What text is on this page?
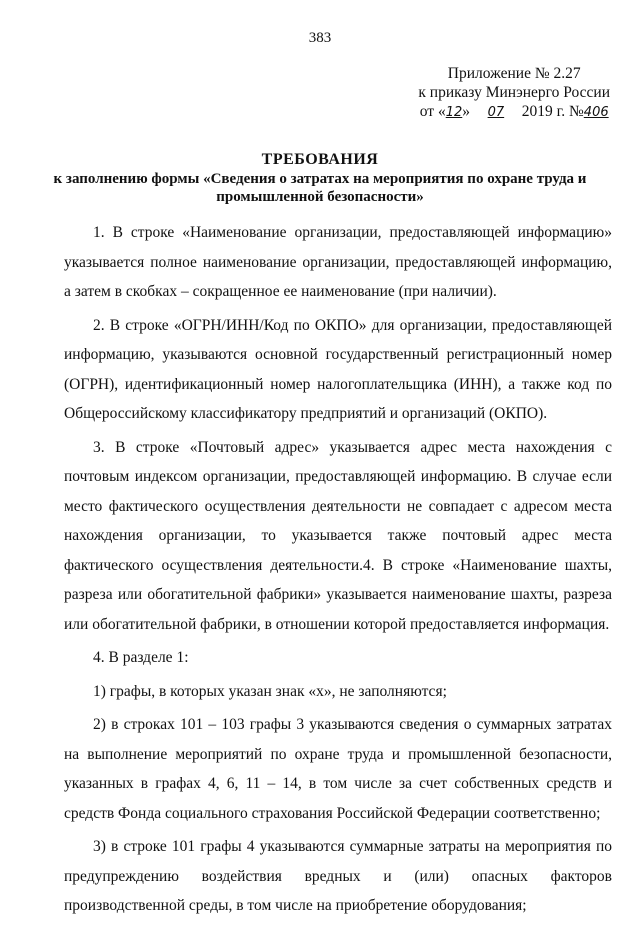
383
Приложение № 2.27
к приказу Минэнерго России
от «12» 07 2019 г. №406
ТРЕБОВАНИЯ
к заполнению формы «Сведения о затратах на мероприятия по охране труда и промышленной безопасности»

1. В строке «Наименование организации, предоставляющей информацию» указывается полное наименование организации, предоставляющей информацию, а затем в скобках – сокращенное ее наименование (при наличии).

2. В строке «ОГРН/ИНН/Код по ОКПО» для организации, предоставляющей информацию, указываются основной государственный регистрационный номер (ОГРН), идентификационный номер налогоплательщика (ИНН), а также код по Общероссийскому классификатору предприятий и организаций (ОКПО).

3. В строке «Почтовый адрес» указывается адрес места нахождения с почтовым индексом организации, предоставляющей информацию. В случае если место фактического осуществления деятельности не совпадает с адресом места нахождения организации, то указывается также почтовый адрес места фактического осуществления деятельности.4. В строке «Наименование шахты, разреза или обогатительной фабрики» указывается наименование шахты, разреза или обогатительной фабрики, в отношении которой предоставляется информация.

4. В разделе 1:

1) графы, в которых указан знак «х», не заполняются;

2) в строках 101 – 103 графы 3 указываются сведения о суммарных затратах на выполнение мероприятий по охране труда и промышленной безопасности, указанных в графах 4, 6, 11 – 14, в том числе за счет собственных средств и средств Фонда социального страхования Российской Федерации соответственно;

3) в строке 101 графы 4 указываются суммарные затраты на мероприятия по предупреждению воздействия вредных и (или) опасных факторов производственной среды, в том числе на приобретение оборудования;
